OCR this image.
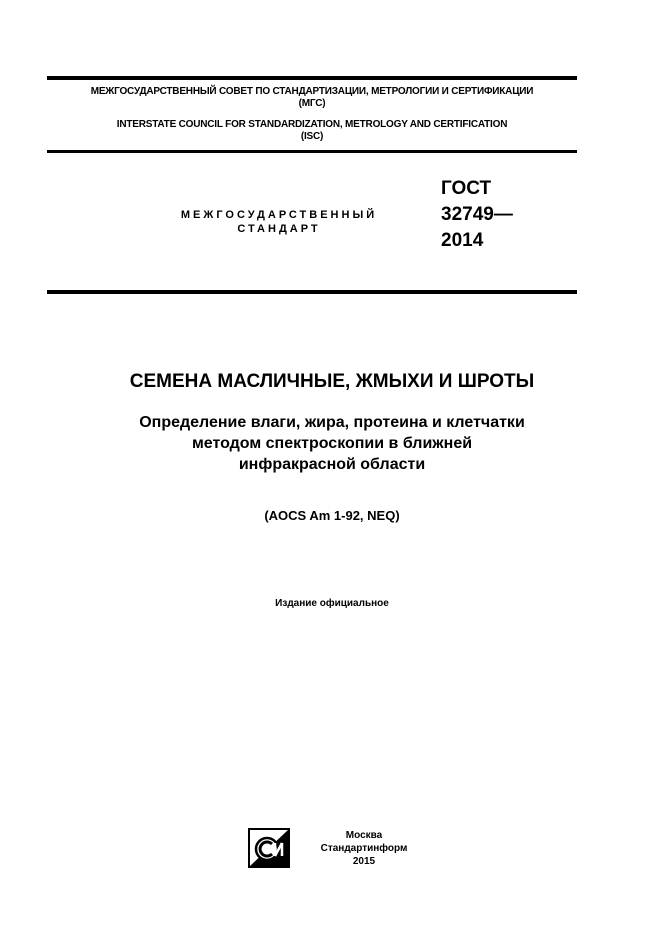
МЕЖГОСУДАРСТВЕННЫЙ СОВЕТ ПО СТАНДАРТИЗАЦИИ, МЕТРОЛОГИИ И СЕРТИФИКАЦИИ
(МГС)
INTERSTATE COUNCIL FOR STANDARDIZATION, METROLOGY AND CERTIFICATION
(ISC)
МЕЖГОСУДАРСТВЕННЫЙ
СТАНДАРТ
ГОСТ
32749—
2014
СЕМЕНА МАСЛИЧНЫЕ, ЖМЫХИ И ШРОТЫ
Определение влаги, жира, протеина и клетчатки
методом спектроскопии в ближней
инфракрасной области
(AOCS Am 1-92, NEQ)
Издание официальное
Москва
Стандартинформ
2015
